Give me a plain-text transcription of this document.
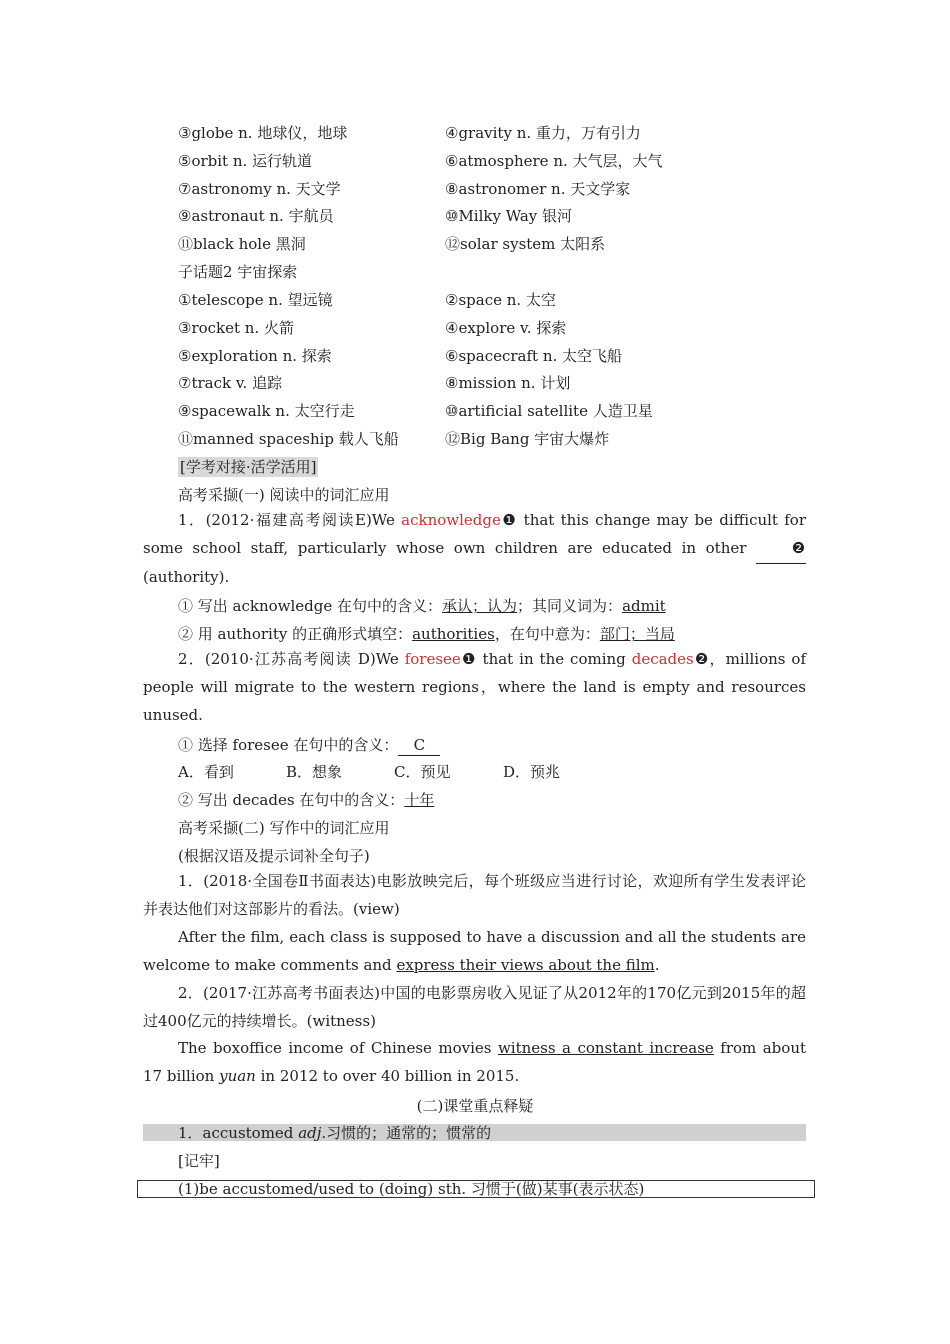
③globe n. 地球仪，地球	④gravity n. 重力，万有引力
⑤orbit n. 运行轨道	⑥atmosphere n. 大气层，大气
⑦astronomy n. 天文学	⑧astronomer n. 天文学家
⑨astronaut n. 宇航员	⑩Milky Way 银河
⑪black hole 黑洞	⑫solar system 太阳系
子话题2 宇宙探索
①telescope n. 望远镜	②space n. 太空
③rocket n. 火箭	④explore v. 探索
⑤exploration n. 探索	⑥spacecraft n. 太空飞船
⑦track v. 追踪	⑧mission n. 计划
⑨spacewalk n. 太空行走	⑩artificial satellite 人造卫星
⑪manned spaceship 载人飞船	⑫Big Bang 宇宙大爆炸
[学考对接·活学活用]
高考采撷(一) 阅读中的词汇应用
1．(2012·福建高考阅读E)We acknowledge❶ that this change may be difficult for some school staff, particularly whose own children are educated in other ❷ (authority).
① 写出 acknowledge 在句中的含义：承认；认为；其同义词为：admit
② 用 authority 的正确形式填空：authorities，在句中意为：部门；当局
2．(2010·江苏高考阅读 D)We foresee❶ that in the coming decades❷，millions of people will migrate to the western regions，where the land is empty and resources unused.
① 选择 foresee 在句中的含义： C
A．看到	B．想象	C．预见	D．预兆
② 写出 decades 在句中的含义：十年
高考采撷(二) 写作中的词汇应用
(根据汉语及提示词补全句子)
1．(2018·全国卷Ⅱ书面表达)电影放映完后，每个班级应当进行讨论，欢迎所有学生发表评论并表达他们对这部影片的看法。(view)
After the film, each class is supposed to have a discussion and all the students are welcome to make comments and express their views about the film.
2．(2017·江苏高考书面表达)中国的电影票房收入见证了从2012年的170亿元到2015年的超过400亿元的持续增长。(witness)
The boxoffice income of Chinese movies witness a constant increase from about 17 billion yuan in 2012 to over 40 billion in 2015.
(二)课堂重点释疑
1．accustomed adj.习惯的；通常的；惯常的
[记牢]
(1)be accustomed/used to (doing) sth. 习惯于(做)某事(表示状态)
